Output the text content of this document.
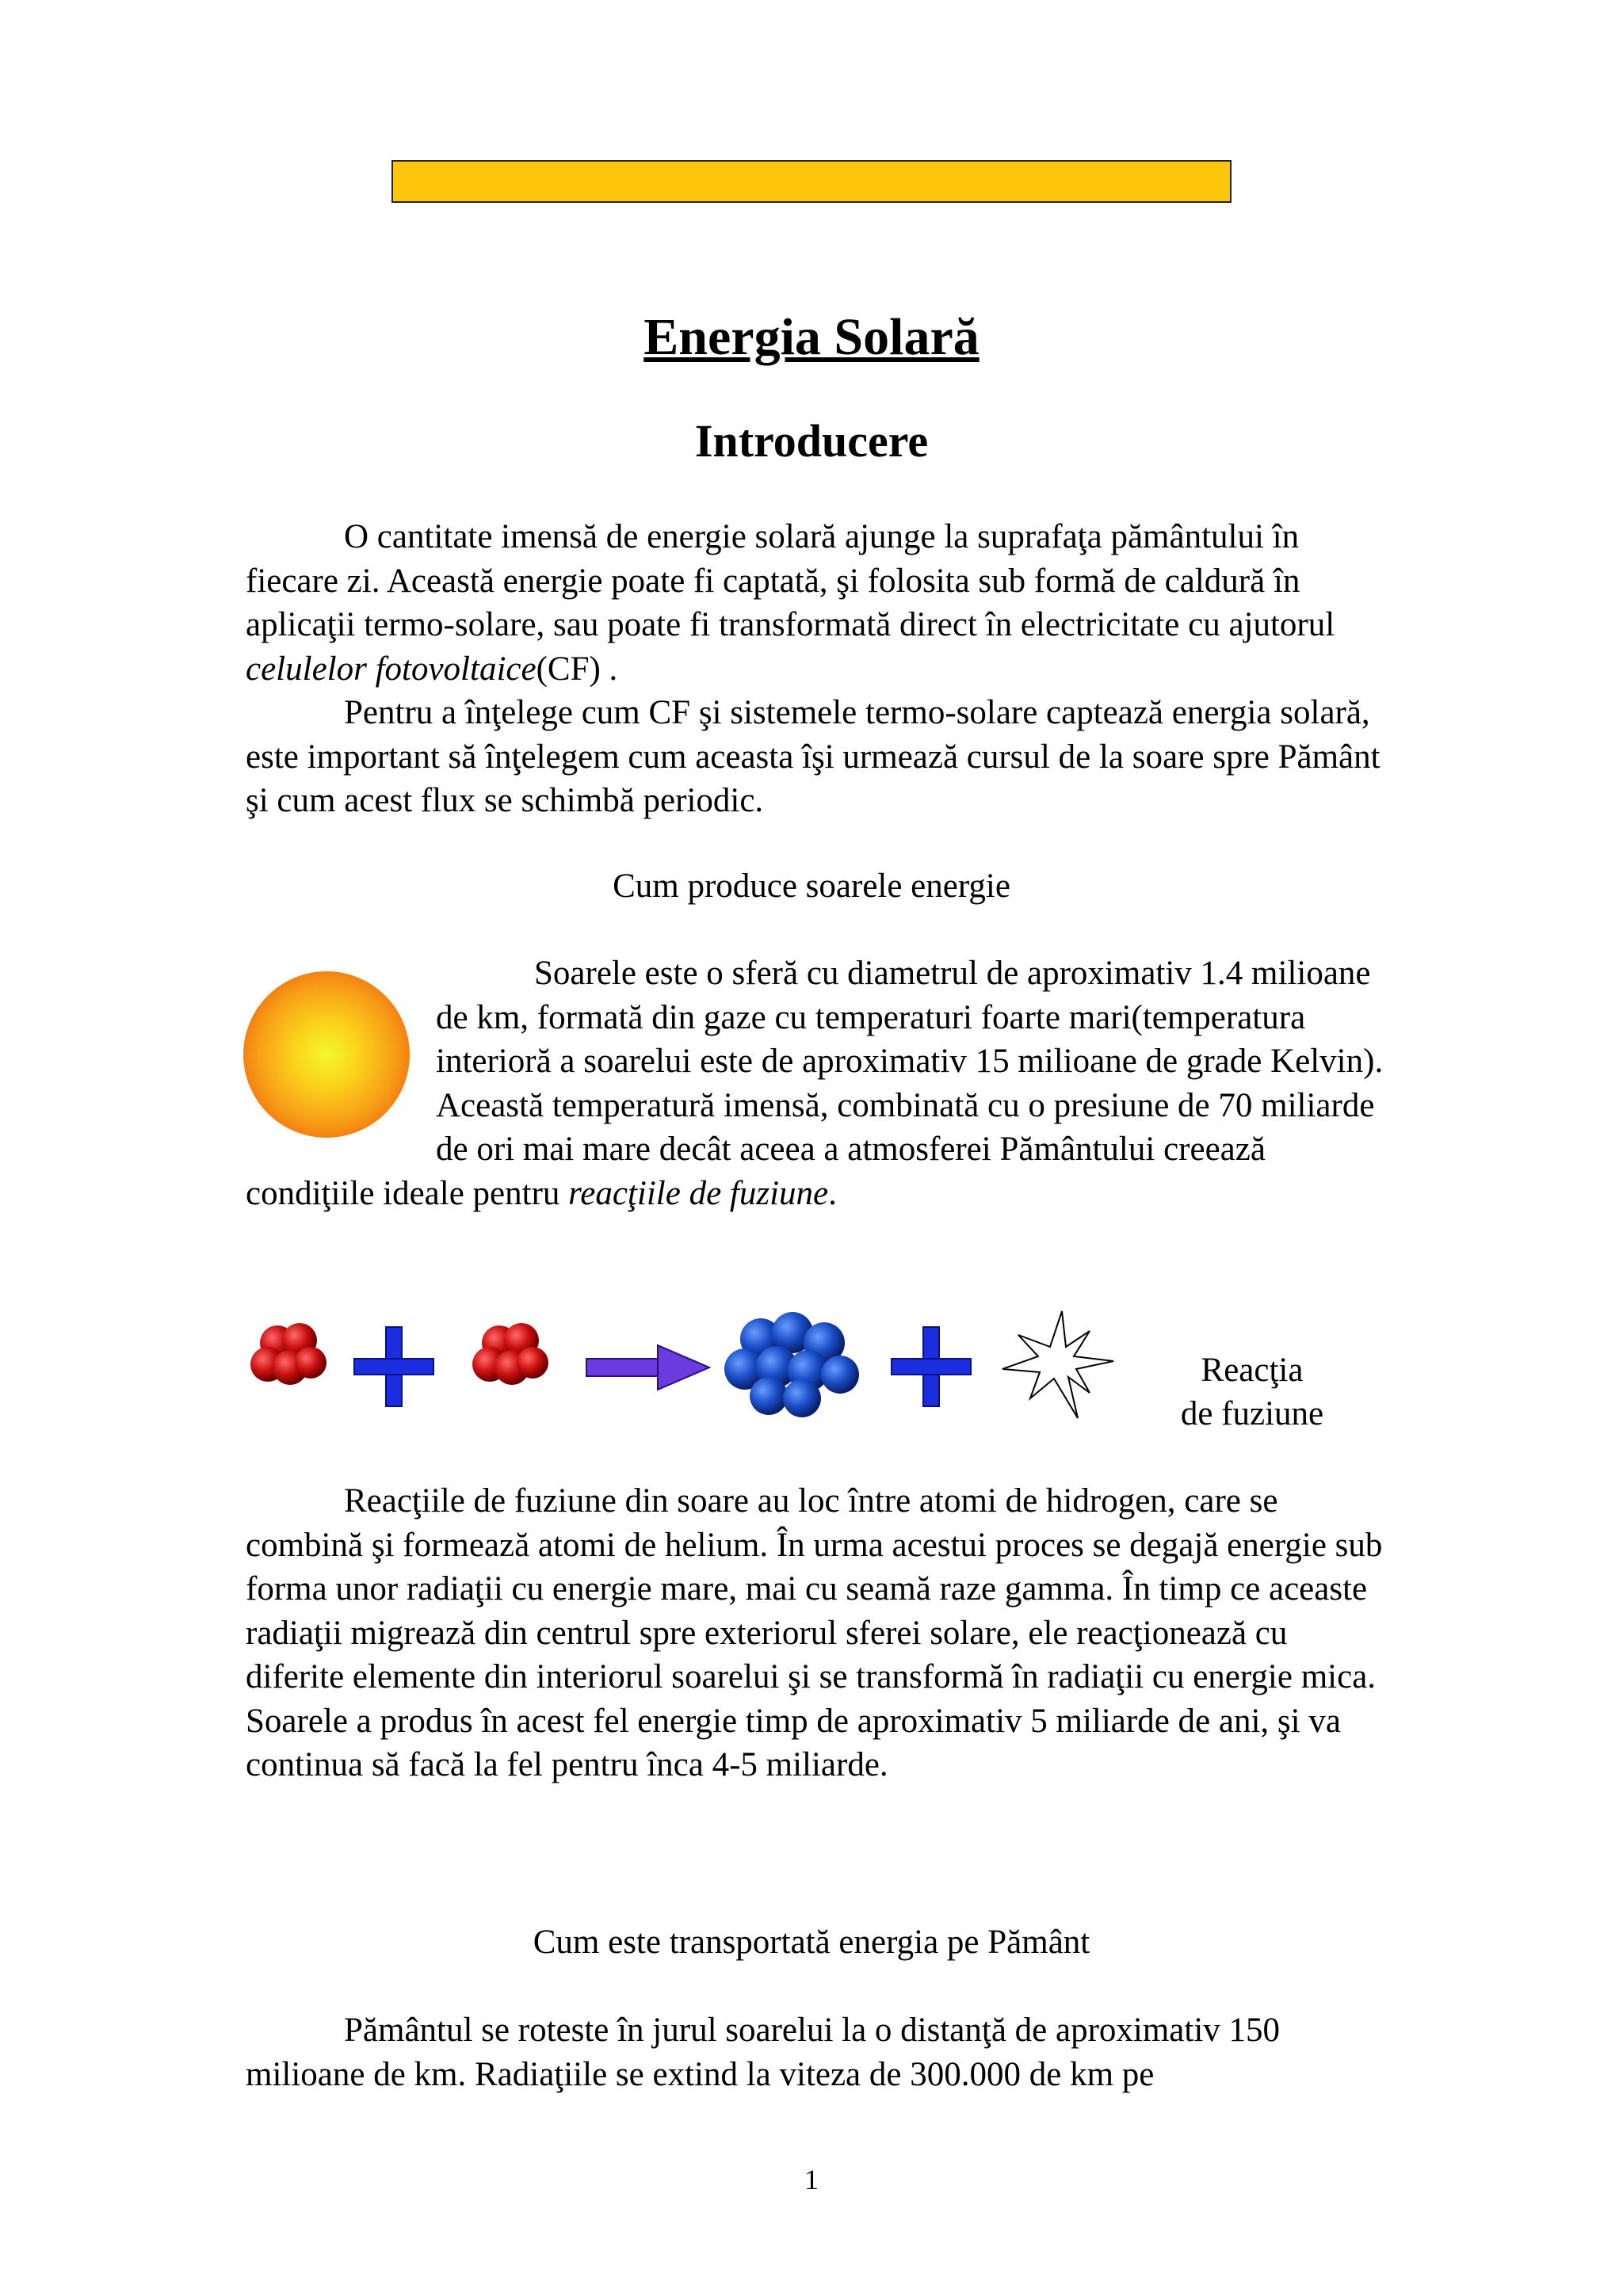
Energia Solară
Introducere

O cantitate imensă de energie solară ajunge la suprafaţa pământului în fiecare zi. Această energie poate fi captată, şi folosita sub formă de caldură în aplicaţii termo-solare, sau poate fi transformată direct în electricitate cu ajutorul celulelor fotovoltaice(CF) .

Pentru a înţelege cum CF şi sistemele termo-solare captează energia solară, este important să înţelegem cum aceasta îşi urmează cursul de la soare spre Pământ şi cum acest flux se schimbă periodic.

Cum produce soarele energie
Soarele este o sferă cu diametrul de aproximativ 1.4 milioane de km, formată din gaze cu temperaturi foarte mari(temperatura interioră a soarelui este de aproximativ 15 milioane de grade Kelvin). Această temperatură imensă, combinată cu o presiune de 70 miliarde de ori mai mare decât aceea a atmosferei Pământului creează condiţiile ideale pentru reacţiile de fuziune.
Reacţia
de fuziune

Reacţiile de fuziune din soare au loc între atomi de hidrogen, care se combină şi formează atomi de helium. În urma acestui proces se degajă energie sub forma unor radiaţii cu energie mare, mai cu seamă raze gamma. În timp ce aceaste radiaţii migrează din centrul spre exteriorul sferei solare, ele reacţionează cu diferite elemente din interiorul soarelui şi se transformă în radiaţii cu energie mica. Soarele a produs în acest fel energie timp de aproximativ 5 miliarde de ani, şi va continua să facă la fel pentru înca 4-5 miliarde.

Cum este transportată energia pe Pământ

Pământul se roteste în jurul soarelui la o distanţă de aproximativ 150 milioane de km. Radiaţiile se extind la viteza de 300.000 de km pe

1
